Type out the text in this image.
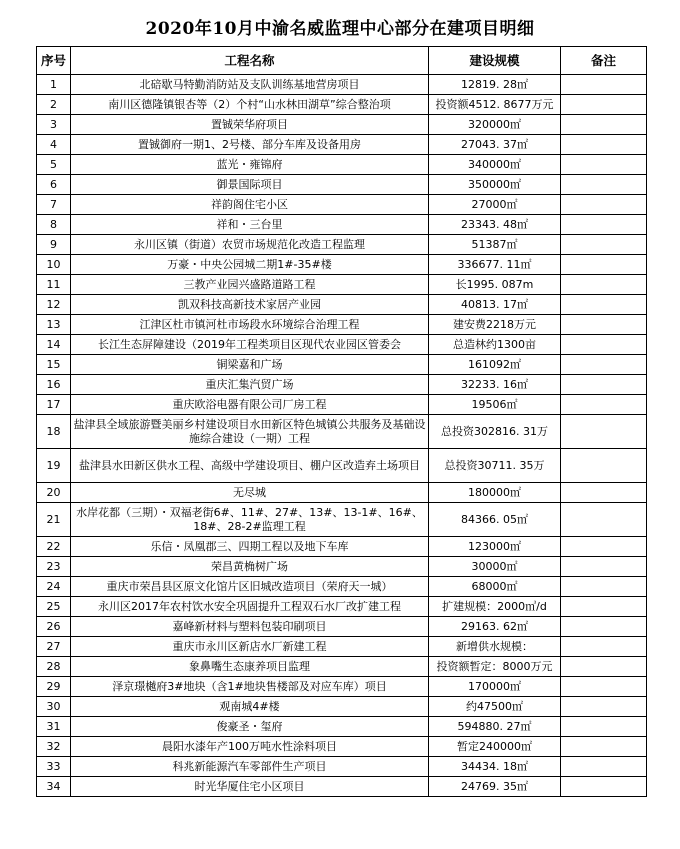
2020年10月中渝名威监理中心部分在建项目明细
序号	工程名称	建设规模	备注
1	北碚歇马特勤消防站及支队训练基地营房项目	12819. 28㎡	
2	南川区德隆镇银杏等（2）个村“山水林田湖草”综合整治项	投资额4512. 8677万元	
3	置铖荣华府项目	320000㎡	
4	置铖御府一期1、2号楼、部分车库及设备用房	27043. 37㎡	
5	蓝光・雍锦府	340000㎡	
6	御景国际项目	350000㎡	
7	祥韵阁住宅小区	27000㎡	
8	祥和・三台里	23343. 48㎡	
9	永川区镇（街道）农贸市场规范化改造工程监理	51387㎡	
10	万豪・中央公园城二期1#-35#楼	336677. 11㎡	
11	三教产业园兴盛路道路工程	长1995. 087m	
12	凯双科技高新技术家居产业园	40813. 17㎡	
13	江津区杜市镇河杜市场段水环境综合治理工程	建安费2218万元	
14	长江生态屏障建设（2019年工程类项目区现代农业园区管委会	总造林约1300亩	
15	铜梁嘉和广场	161092㎡	
16	重庆汇集汽贸广场	32233. 16㎡	
17	重庆欧浴电器有限公司厂房工程	19506㎡	
18	盐津县全域旅游暨美丽乡村建设项目水田新区特色城镇公共服务及基础设施综合建设（一期）工程	总投资302816. 31万	
19	盐津县水田新区供水工程、高级中学建设项目、棚户区改造弃土场项目	总投资30711. 35万	
20	无尽城	180000㎡	
21	水岸花都（三期）・双福老街6#、11#、27#、13#、13-1#、16#、18#、28-2#监理工程	84366. 05㎡	
22	乐信・凤凰郡三、四期工程以及地下车库	123000㎡	
23	荣昌黄桷树广场	30000㎡	
24	重庆市荣昌县区原文化馆片区旧城改造项目（荣府天一城）	68000㎡	
25	永川区2017年农村饮水安全巩固提升工程双石水厂改扩建工程	扩建规模：2000㎥/d	
26	嘉峰新材料与塑料包装印刷项目	29163. 62㎡	
27	重庆市永川区新店水厂新建工程	新增供水规模：	
28	象鼻嘴生态康养项目监理	投资额暂定：8000万元	
29	泽京璟樾府3#地块（含1#地块售楼部及对应车库）项目	170000㎡	
30	观南城4#楼	约47500㎡	
31	俊豪圣・玺府	594880. 27㎡	
32	晨阳水漆年产100万吨水性涂料项目	暂定240000㎡	
33	科兆新能源汽车零部件生产项目	34434. 18㎡	
34	时光华厦住宅小区项目	24769. 35㎡	
